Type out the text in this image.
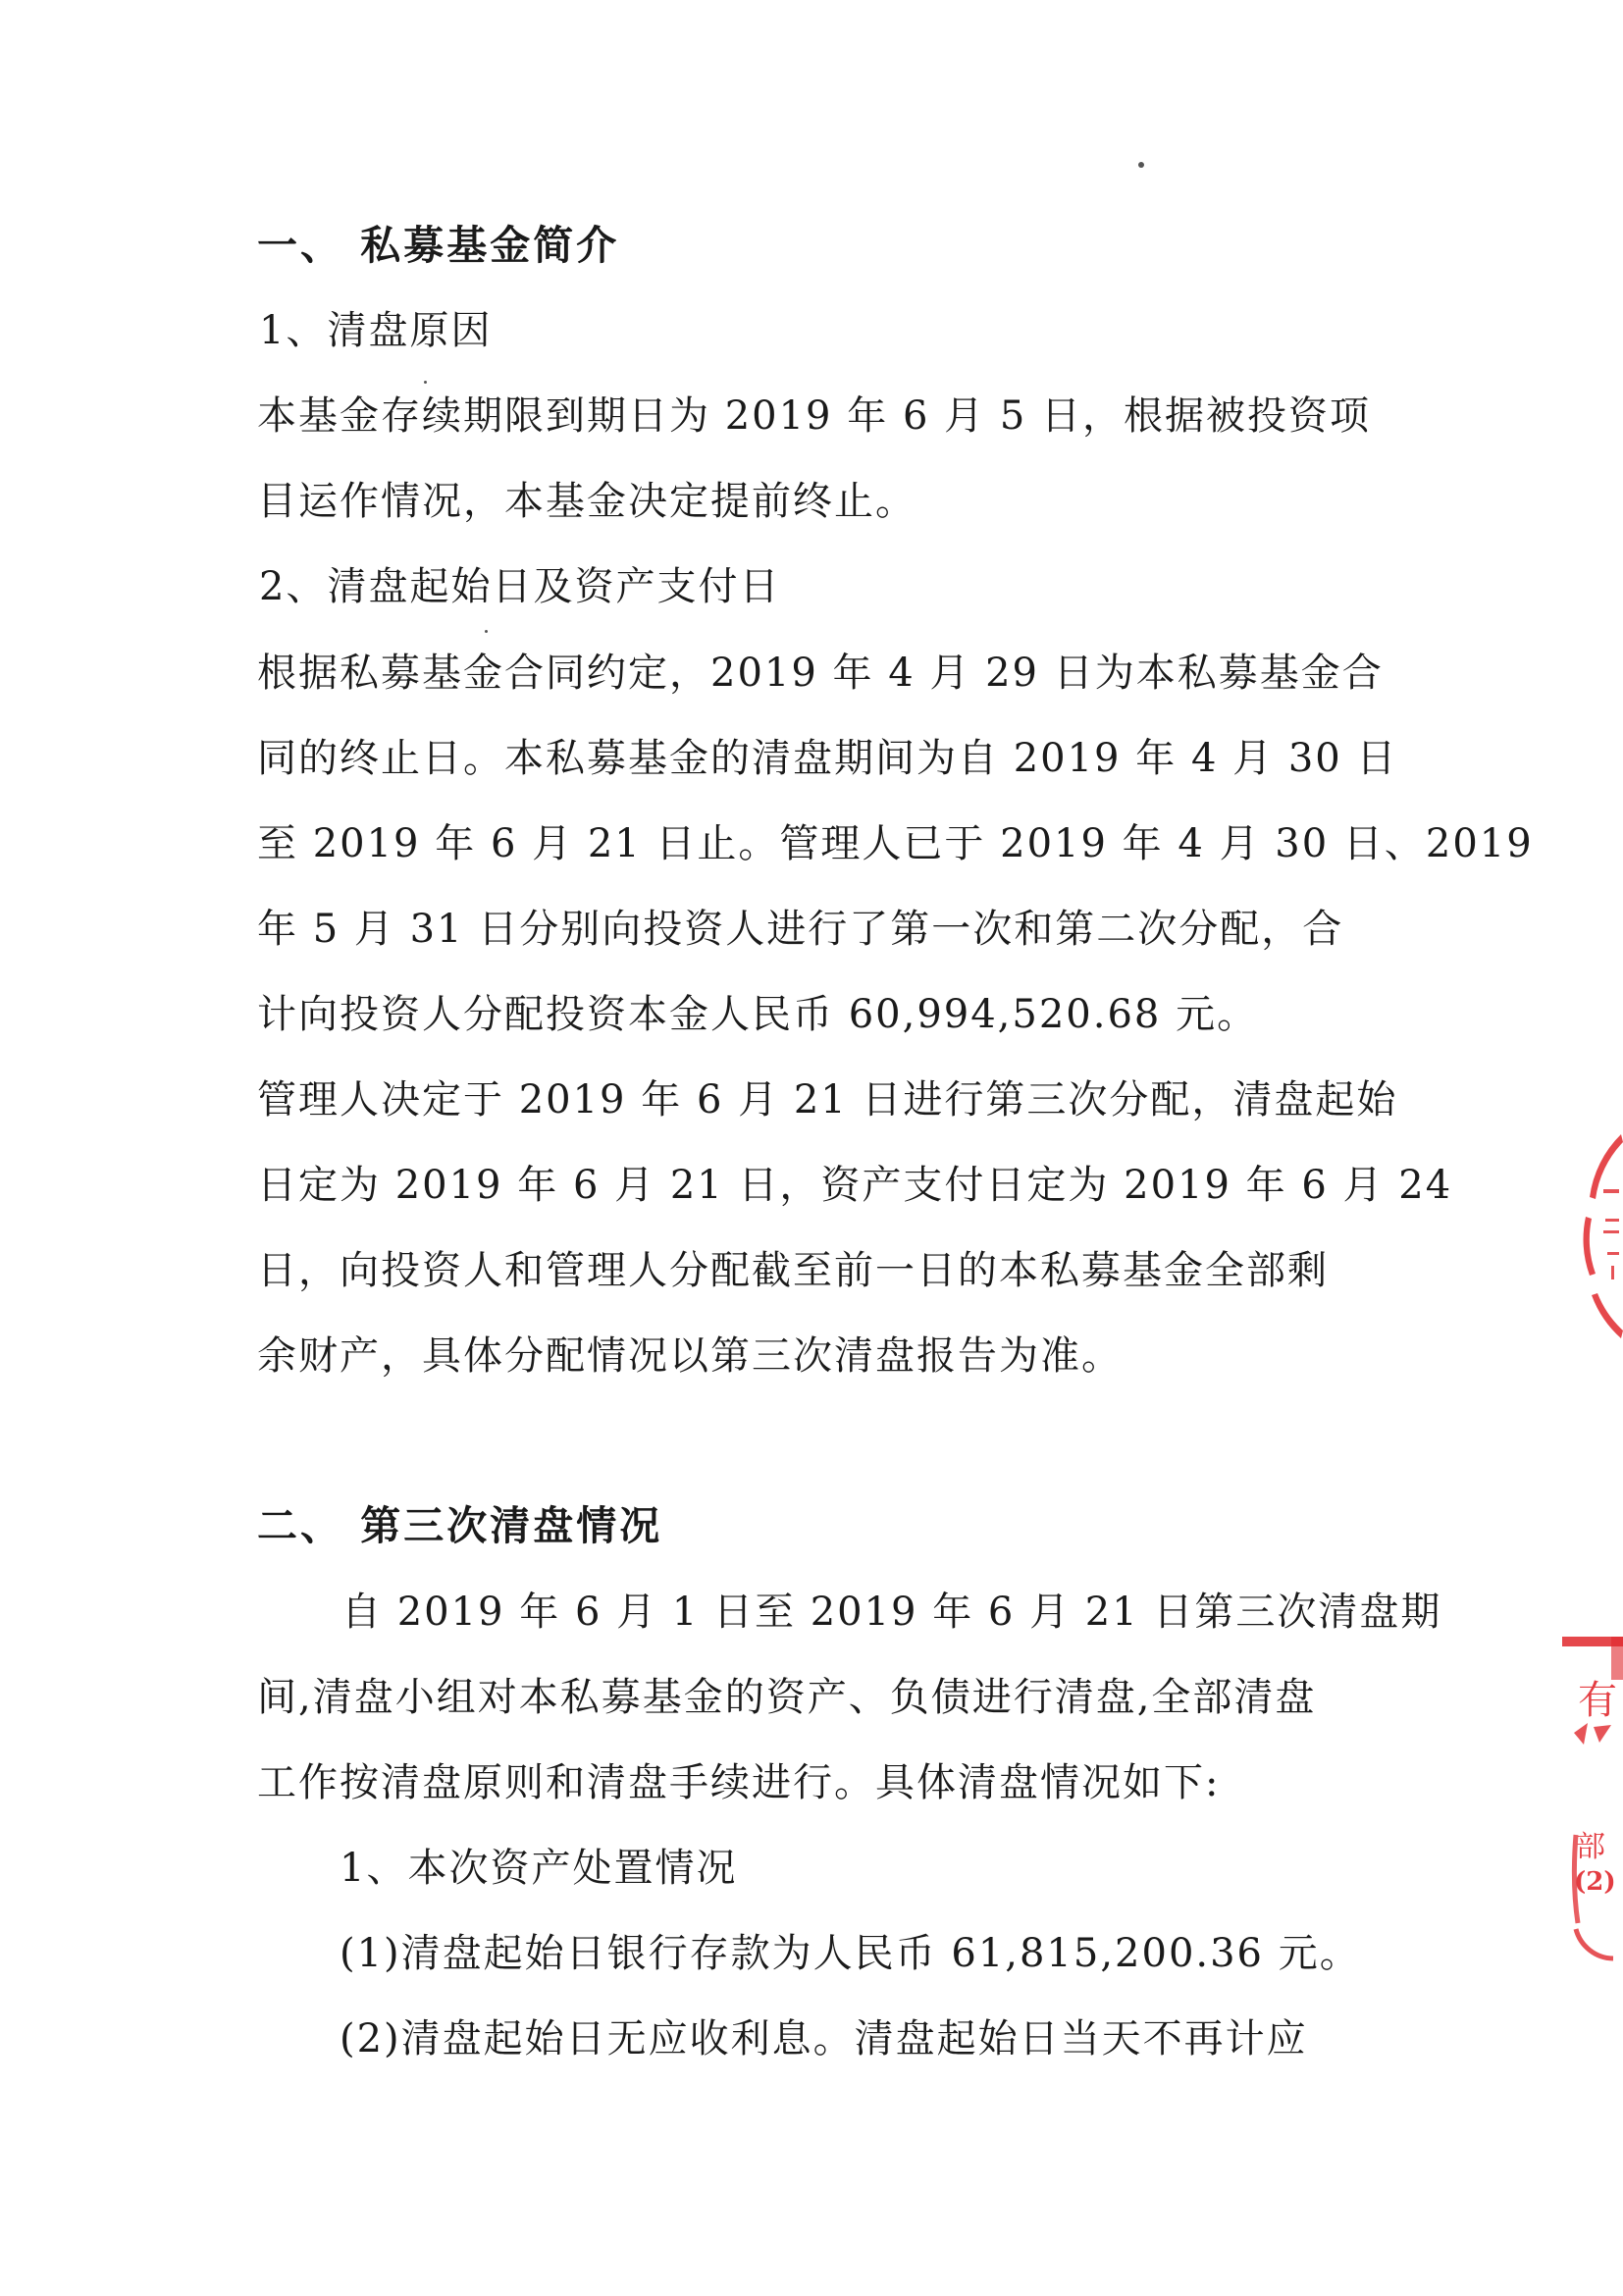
一、 私募基金简介
1、清盘原因
本基金存续期限到期日为 2019 年 6 月 5 日，根据被投资项
目运作情况，本基金决定提前终止。
2、清盘起始日及资产支付日
根据私募基金合同约定，2019 年 4 月 29 日为本私募基金合
同的终止日。本私募基金的清盘期间为自 2019 年 4 月 30 日
至 2019 年 6 月 21 日止。管理人已于 2019 年 4 月 30 日、2019
年 5 月 31 日分别向投资人进行了第一次和第二次分配，合
计向投资人分配投资本金人民币 60,994,520.68 元。
管理人决定于 2019 年 6 月 21 日进行第三次分配，清盘起始
日定为 2019 年 6 月 21 日，资产支付日定为 2019 年 6 月 24
日，向投资人和管理人分配截至前一日的本私募基金全部剩
余财产，具体分配情况以第三次清盘报告为准。
二、 第三次清盘情况
自 2019 年 6 月 1 日至 2019 年 6 月 21 日第三次清盘期
间,清盘小组对本私募基金的资产、负债进行清盘,全部清盘
工作按清盘原则和清盘手续进行。具体清盘情况如下:
1、本次资产处置情况
(1)清盘起始日银行存款为人民币 61,815,200.36 元。
(2)清盘起始日无应收利息。清盘起始日当天不再计应
有
部
(2)
